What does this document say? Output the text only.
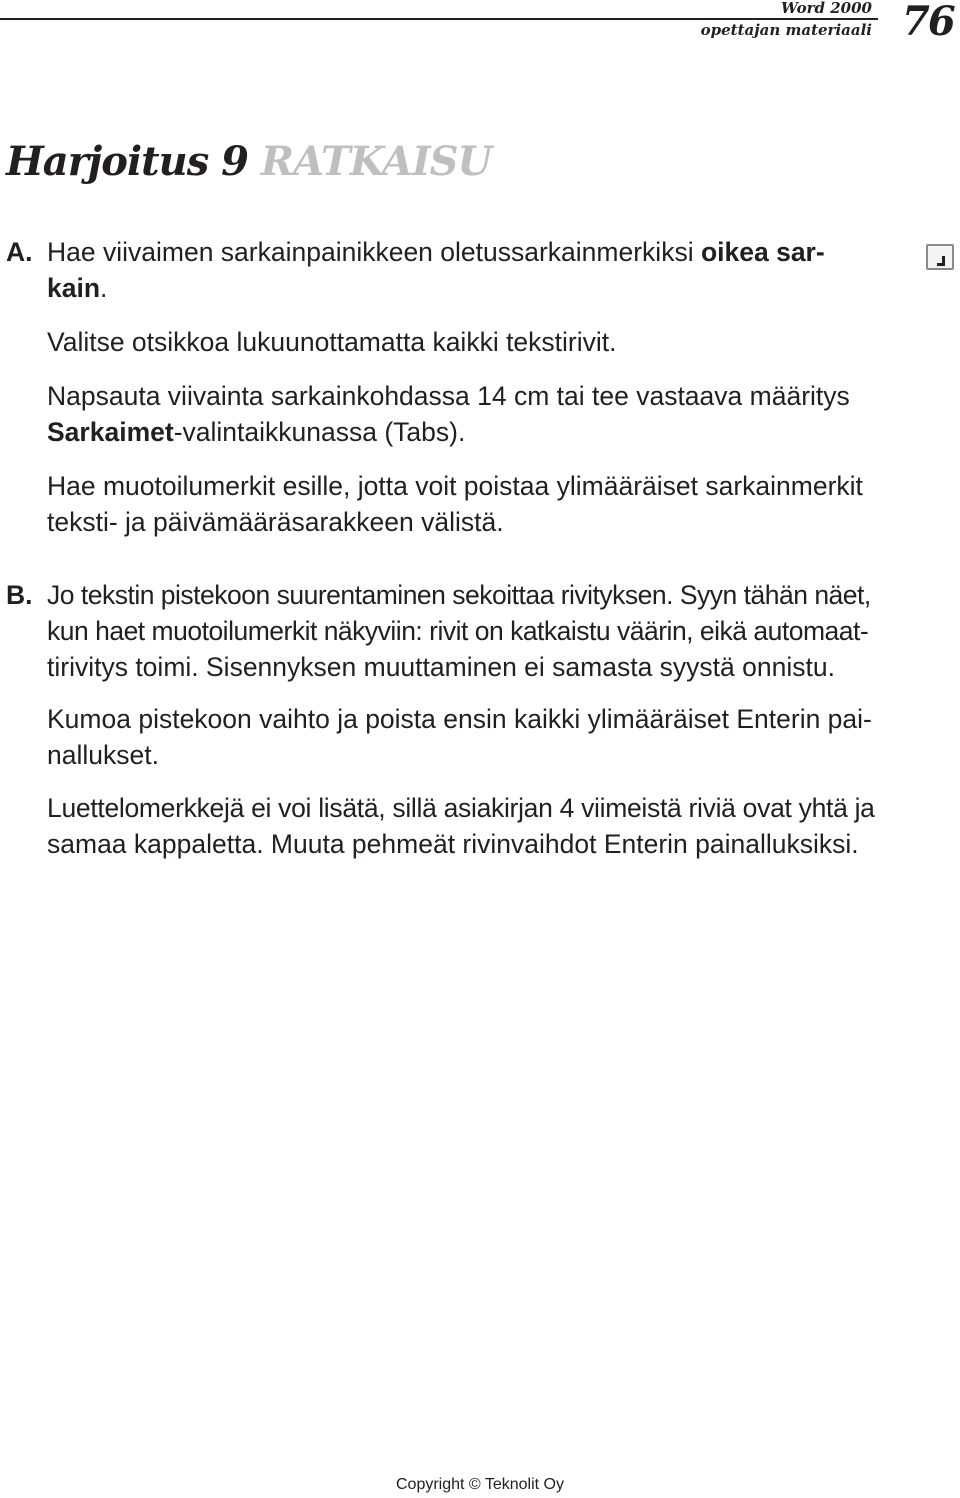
Word 2000
opettajan materiaali 76
Harjoitus 9 RATKAISU
A. Hae viivaimen sarkainpainikkeen oletussarkainmerkiksi oikea sar-
kain.
Valitse otsikkoa lukuunottamatta kaikki tekstirivit.
Napsauta viivainta sarkainkohdassa 14 cm tai tee vastaava määritys
Sarkaimet-valintaikkunassa (Tabs).
Hae muotoilumerkit esille, jotta voit poistaa ylimääräiset sarkainmerkit
teksti- ja päivämääräsarakkeen välistä.
B. Jo tekstin pistekoon suurentaminen sekoittaa rivityksen. Syyn tähän näet,
kun haet muotoilumerkit näkyviin: rivit on katkaistu väärin, eikä automaat-
tirivitys toimi. Sisennyksen muuttaminen ei samasta syystä onnistu.
Kumoa pistekoon vaihto ja poista ensin kaikki ylimääräiset Enterin pai-
nallukset.
Luettelomerkkejä ei voi lisätä, sillä asiakirjan 4 viimeistä riviä ovat yhtä ja
samaa kappaletta. Muuta pehmeät rivinvaihdot Enterin painalluksiksi.
Copyright © Teknolit Oy
